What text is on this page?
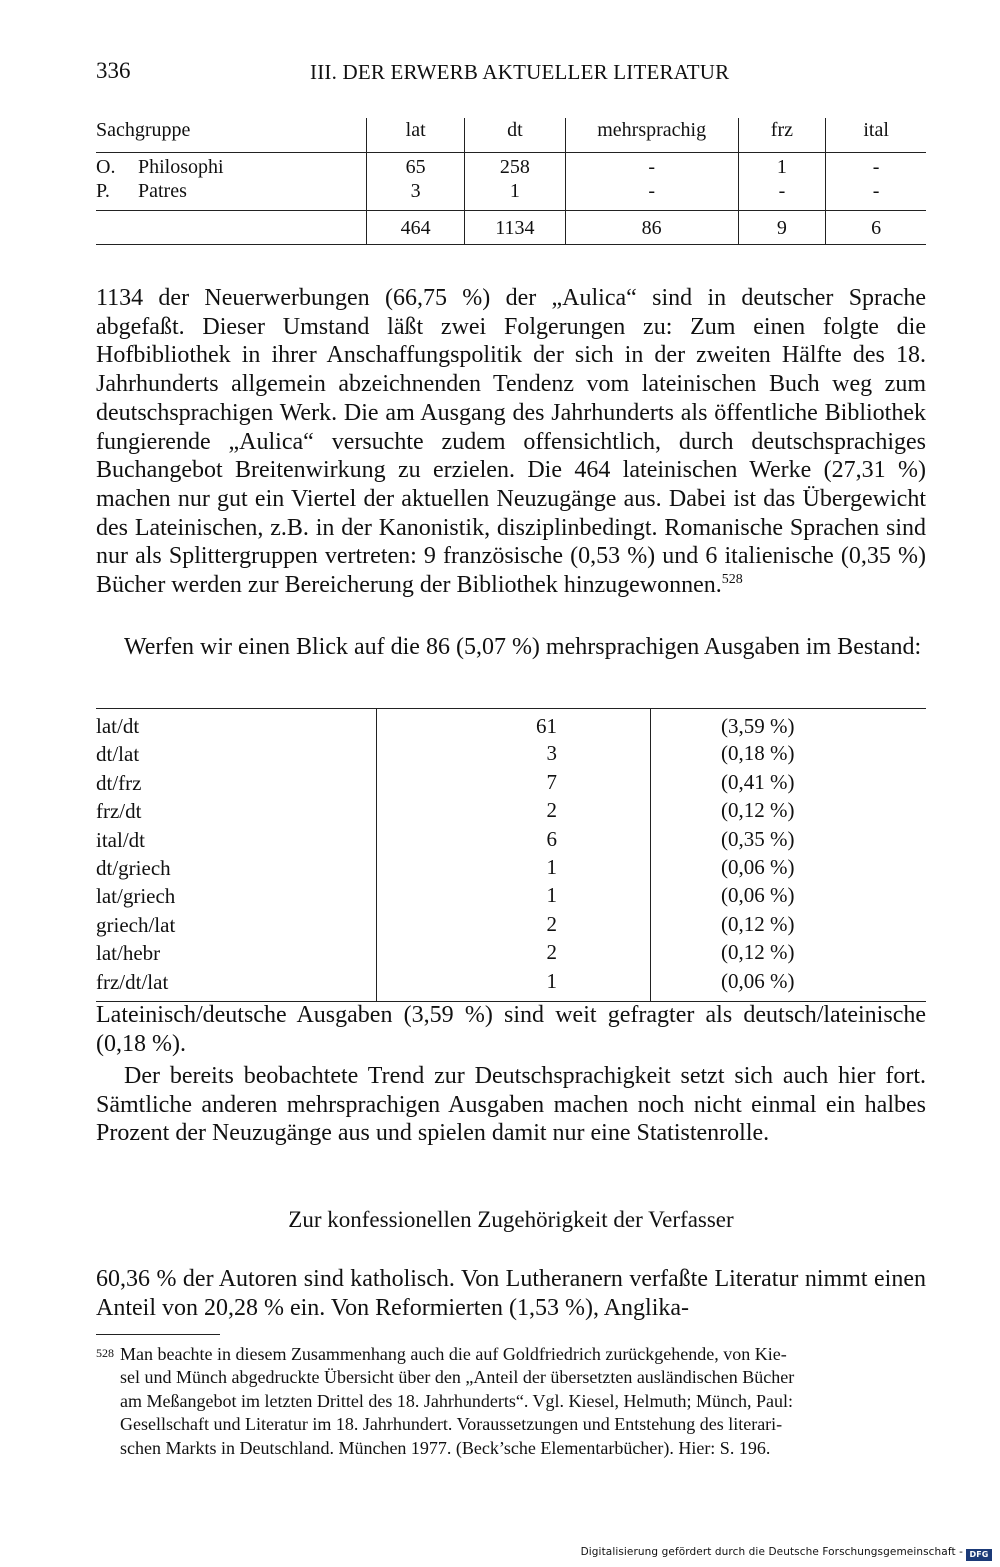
336	III. DER ERWERB AKTUELLER LITERATUR
Sachgruppe	lat	dt	mehrsprachig	frz	ital
O. Philosophi	65	258	-	1	-
P. Patres	3	1	-	-	-
	464	1134	86	9	6

1134 der Neuerwerbungen (66,75 %) der „Aulica“ sind in deutscher Sprache abgefaßt. Dieser Umstand läßt zwei Folgerungen zu: Zum einen folgte die Hofbibliothek in ihrer Anschaffungspolitik der sich in der zweiten Hälfte des 18. Jahrhunderts allgemein abzeichnenden Tendenz vom lateinischen Buch weg zum deutschsprachigen Werk. Die am Ausgang des Jahrhunderts als öffentliche Bibliothek fungierende „Aulica“ versuchte zudem offensichtlich, durch deutschsprachiges Buchangebot Breitenwirkung zu erzielen. Die 464 lateinischen Werke (27,31 %) machen nur gut ein Viertel der aktuellen Neuzugänge aus. Dabei ist das Übergewicht des Lateinischen, z.B. in der Kanonistik, disziplinbedingt. Romanische Sprachen sind nur als Splittergruppen vertreten: 9 französische (0,53 %) und 6 italienische (0,35 %) Bücher werden zur Bereicherung der Bibliothek hinzugewonnen.$^{528}$

Werfen wir einen Blick auf die 86 (5,07 %) mehrsprachigen Ausgaben im Bestand:

lat/dt	61	(3,59 %)
dt/lat	3	(0,18 %)
dt/frz	7	(0,41 %)
frz/dt	2	(0,12 %)
ital/dt	6	(0,35 %)
dt/griech	1	(0,06 %)
lat/griech	1	(0,06 %)
griech/lat	2	(0,12 %)
lat/hebr	2	(0,12 %)
frz/dt/lat	1	(0,06 %)

Lateinisch/deutsche Ausgaben (3,59 %) sind weit gefragter als deutsch/lateinische (0,18 %).

Der bereits beobachtete Trend zur Deutschsprachigkeit setzt sich auch hier fort. Sämtliche anderen mehrsprachigen Ausgaben machen noch nicht einmal ein halbes Prozent der Neuzugänge aus und spielen damit nur eine Statistenrolle.

Zur konfessionellen Zugehörigkeit der Verfasser

60,36 % der Autoren sind katholisch. Von Lutheranern verfaßte Literatur nimmt einen Anteil von 20,28 % ein. Von Reformierten (1,53 %), Anglika-

528 Man beachte in diesem Zusammenhang auch die auf Goldfriedrich zurückgehende, von Kie-
sel und Münch abgedruckte Übersicht über den „Anteil der übersetzten ausländischen Bücher
am Meßangebot im letzten Drittel des 18. Jahrhunderts“. Vgl. Kiesel, Helmuth; Münch, Paul:
Gesellschaft und Literatur im 18. Jahrhundert. Voraussetzungen und Entstehung des literari-
schen Markts in Deutschland. München 1977. (Beck’sche Elementarbücher). Hier: S. 196.
Digitalisierung gefördert durch die Deutsche Forschungsgemeinschaft - DFG
